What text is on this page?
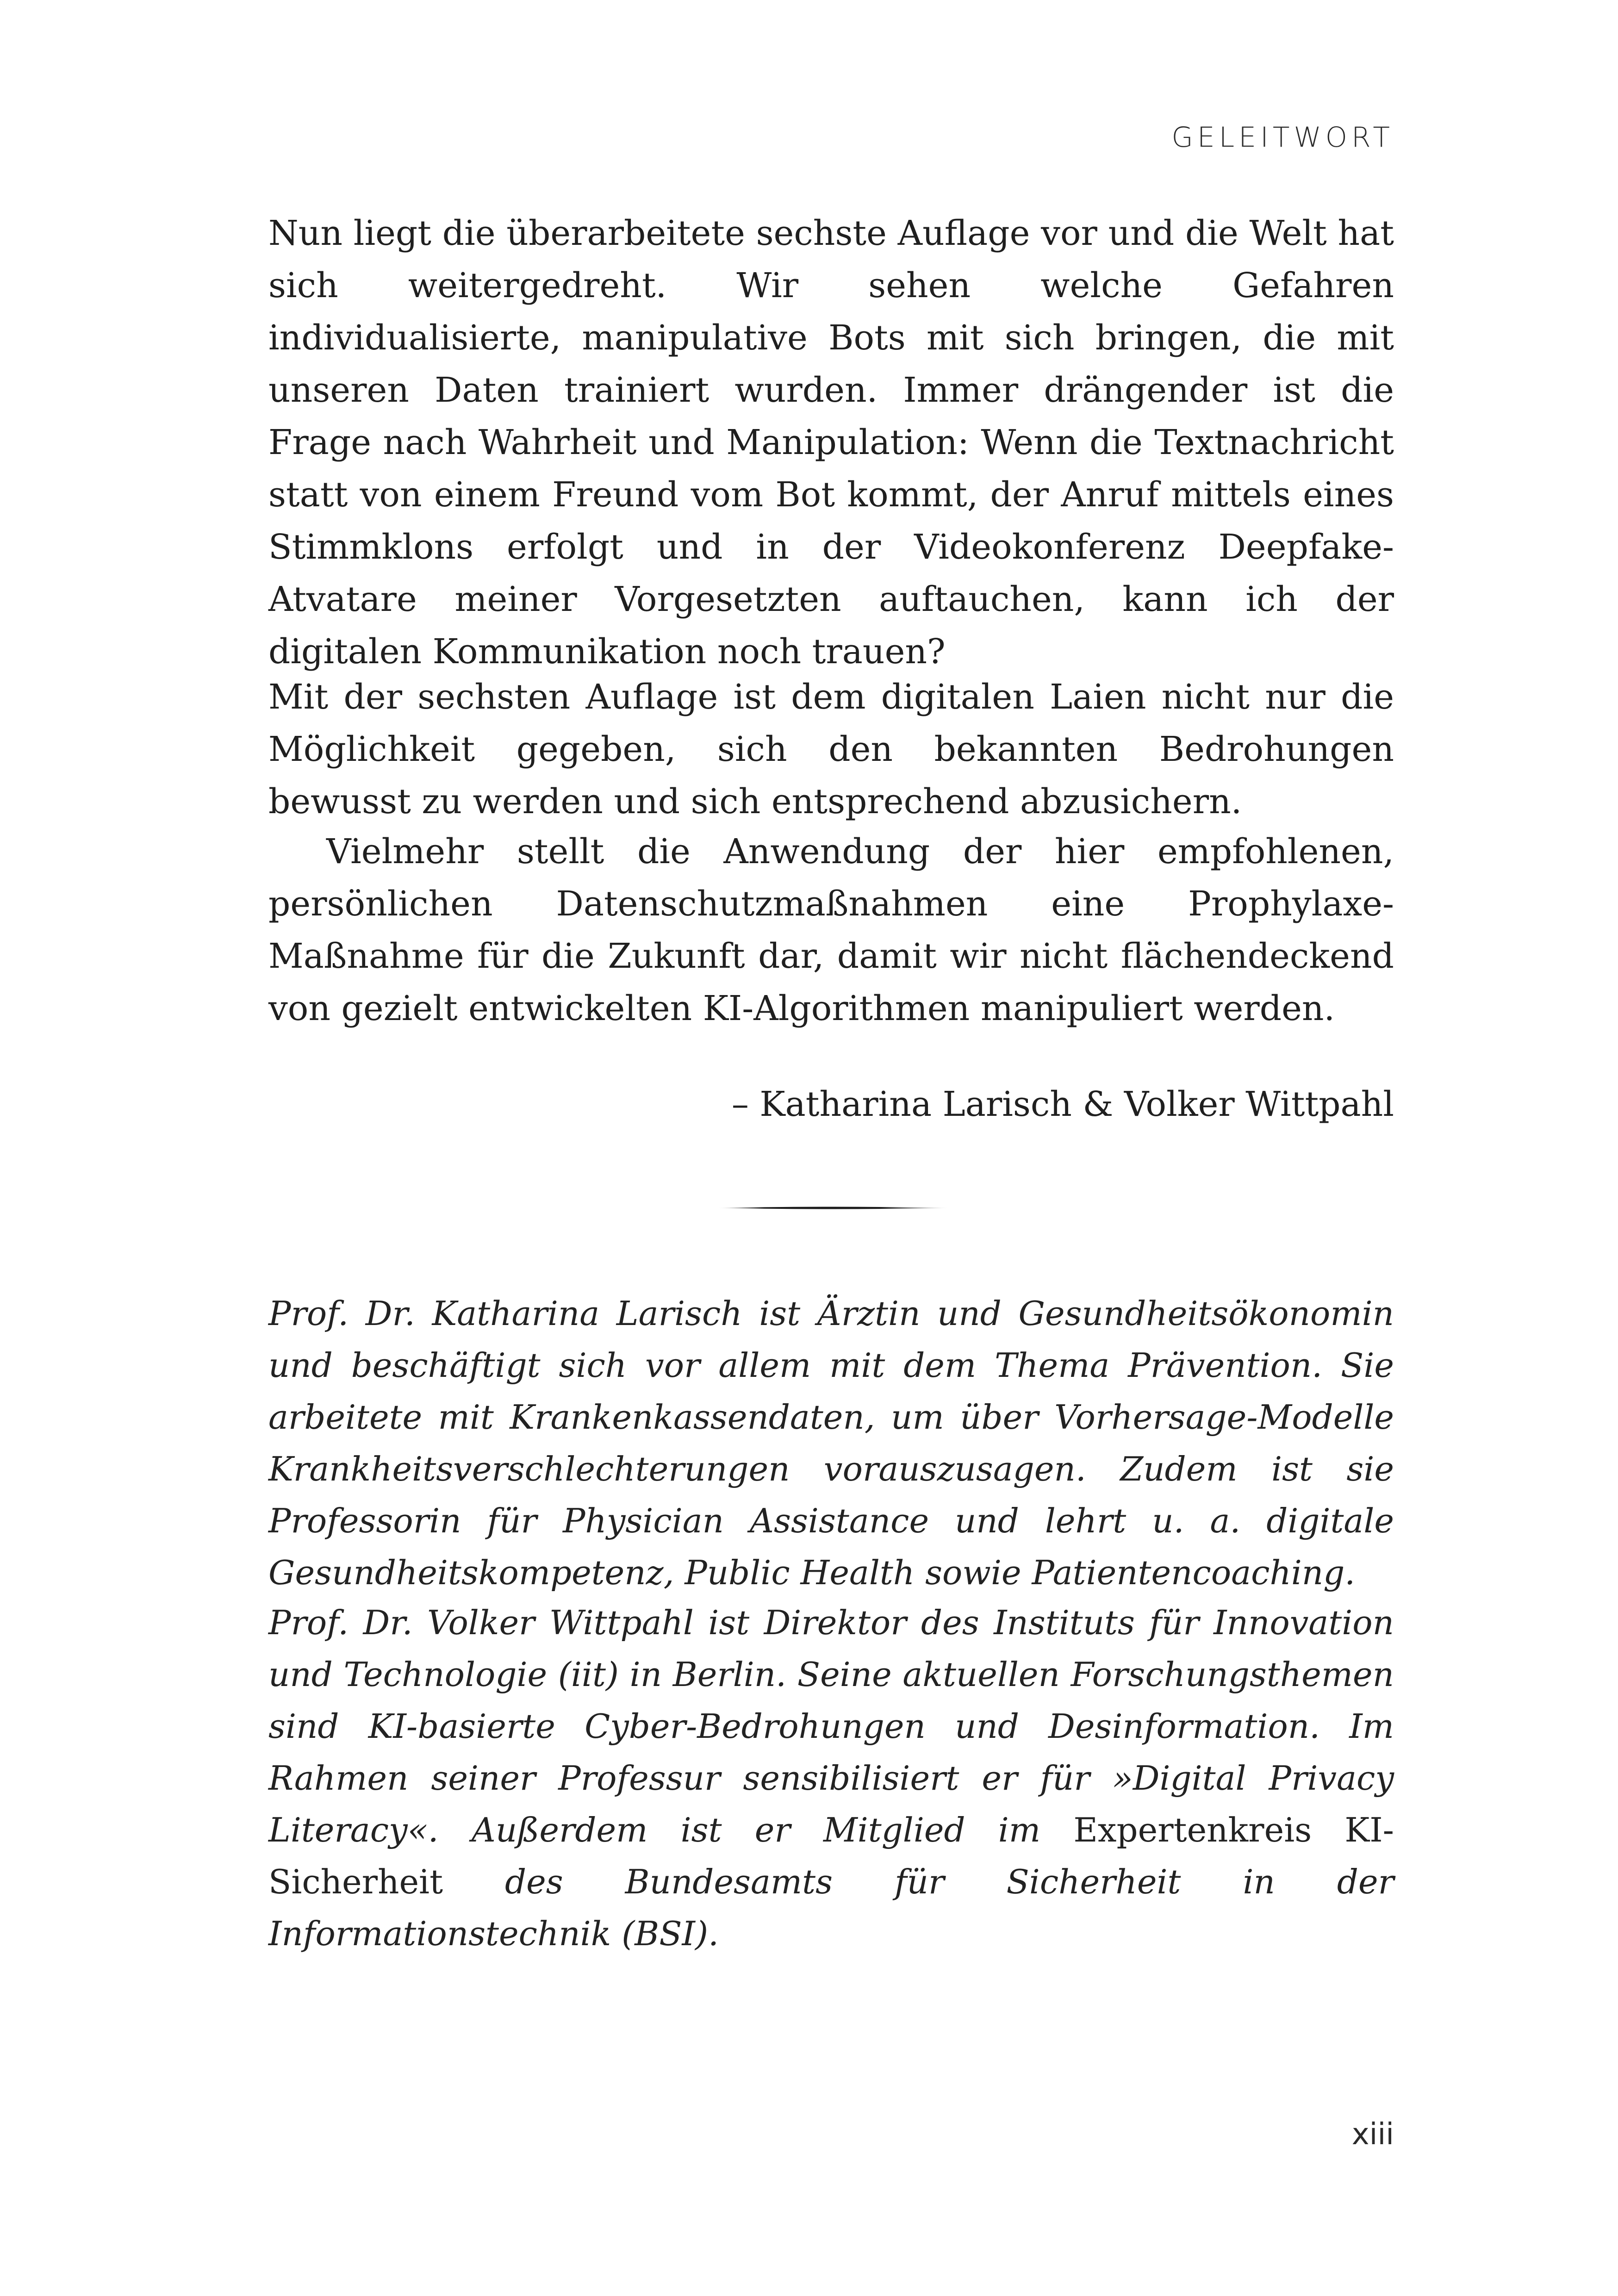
GELEITWORT

Nun liegt die überarbeitete sechste Auflage vor und die Welt hat sich weitergedreht. Wir sehen welche Gefahren individualisierte, manipulative Bots mit sich bringen, die mit unseren Daten trainiert wurden. Immer drängender ist die Frage nach Wahrheit und Manipulation: Wenn die Textnachricht statt von einem Freund vom Bot kommt, der Anruf mittels eines Stimmklons erfolgt und in der Videokonferenz Deepfake-Atvatare meiner Vorgesetzten auftauchen, kann ich der digitalen Kommunikation noch trauen?

Mit der sechsten Auflage ist dem digitalen Laien nicht nur die Möglichkeit gegeben, sich den bekannten Bedrohungen bewusst zu werden und sich entsprechend abzusichern.

Vielmehr stellt die Anwendung der hier empfohlenen, persönlichen Datenschutzmaßnahmen eine Prophylaxe-Maßnahme für die Zukunft dar, damit wir nicht flächendeckend von gezielt entwickelten KI-Algorithmen manipuliert werden.

– Katharina Larisch & Volker Wittpahl

Prof. Dr. Katharina Larisch ist Ärztin und Gesundheitsökonomin und beschäftigt sich vor allem mit dem Thema Prävention. Sie arbeitete mit Krankenkassendaten, um über Vorhersage-Modelle Krankheitsverschlechterungen vorauszusagen. Zudem ist sie Professorin für Physician Assistance und lehrt u. a. digitale Gesundheitskompetenz, Public Health sowie Patientencoaching.

Prof. Dr. Volker Wittpahl ist Direktor des Instituts für Innovation und Technologie (iit) in Berlin. Seine aktuellen Forschungsthemen sind KI-basierte Cyber-Bedrohungen und Desinformation. Im Rahmen seiner Professur sensibilisiert er für »Digital Privacy Literacy«. Außerdem ist er Mitglied im Expertenkreis KI-Sicherheit des Bundesamts für Sicherheit in der Informationstechnik (BSI).

xiii
